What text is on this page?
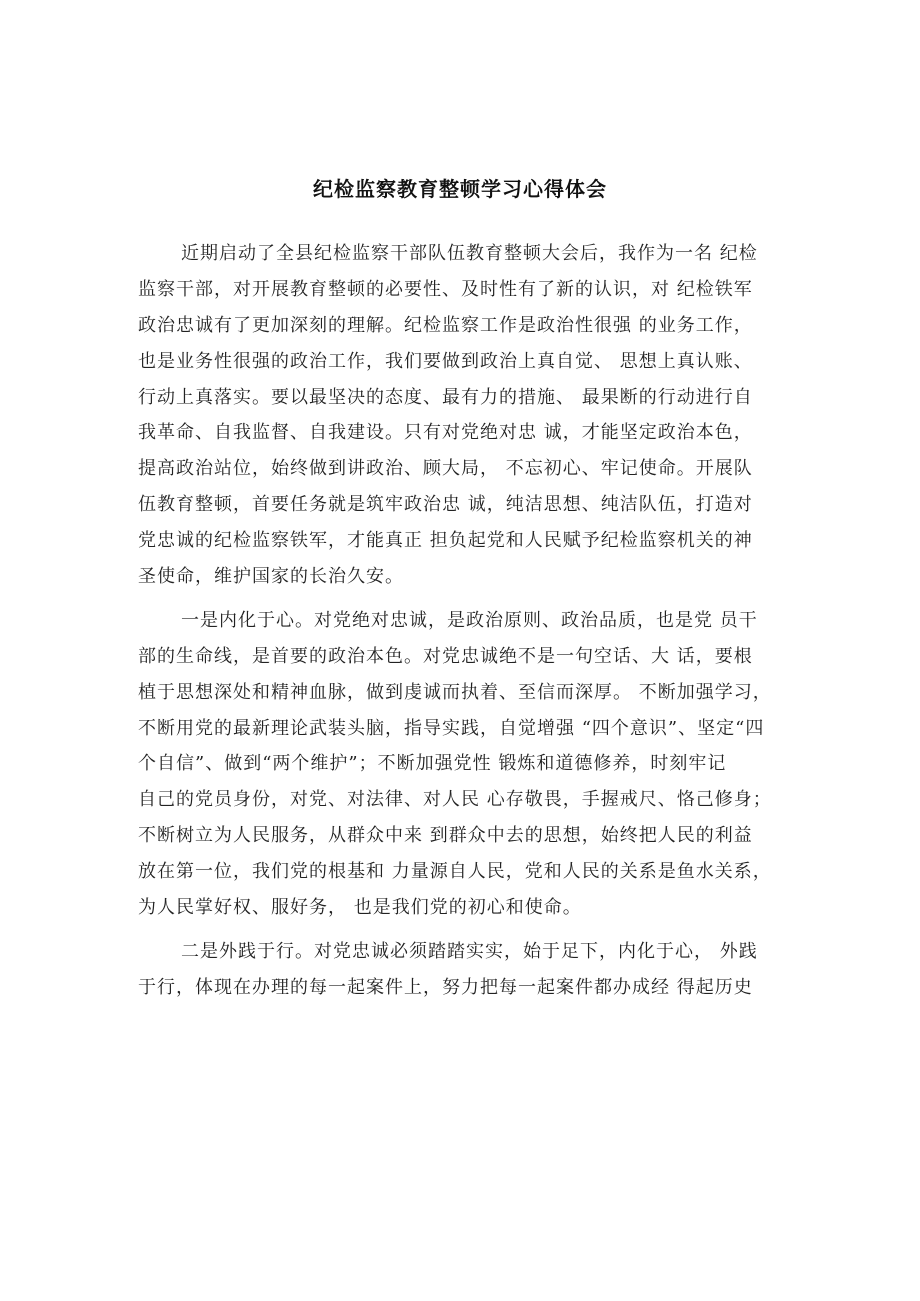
纪检监察教育整顿学习心得体会
近期启动了全县纪检监察干部队伍教育整顿大会后，我作为一名 纪检
监察干部，对开展教育整顿的必要性、及时性有了新的认识，对 纪检铁军
政治忠诚有了更加深刻的理解。纪检监察工作是政治性很强 的业务工作，
也是业务性很强的政治工作，我们要做到政治上真自觉、 思想上真认账、
行动上真落实。要以最坚决的态度、最有力的措施、 最果断的行动进行自
我革命、自我监督、自我建设。只有对党绝对忠 诚，才能坚定政治本色，
提高政治站位，始终做到讲政治、顾大局， 不忘初心、牢记使命。开展队
伍教育整顿，首要任务就是筑牢政治忠 诚，纯洁思想、纯洁队伍，打造对
党忠诚的纪检监察铁军，才能真正 担负起党和人民赋予纪检监察机关的神
圣使命，维护国家的长治久安。
一是内化于心。对党绝对忠诚，是政治原则、政治品质，也是党 员干
部的生命线，是首要的政治本色。对党忠诚绝不是一句空话、大 话，要根
植于思想深处和精神血脉，做到虔诚而执着、至信而深厚。 不断加强学习，
不断用党的最新理论武装头脑，指导实践，自觉增强 “四个意识”、坚定“四
个自信”、做到“两个维护”；不断加强党性 锻炼和道德修养，时刻牢记
自己的党员身份，对党、对法律、对人民 心存敬畏，手握戒尺、恪己修身；
不断树立为人民服务，从群众中来 到群众中去的思想，始终把人民的利益
放在第一位，我们党的根基和 力量源自人民，党和人民的关系是鱼水关系，
为人民掌好权、服好务， 也是我们党的初心和使命。
二是外践于行。对党忠诚必须踏踏实实，始于足下，内化于心， 外践
于行，体现在办理的每一起案件上，努力把每一起案件都办成经 得起历史
